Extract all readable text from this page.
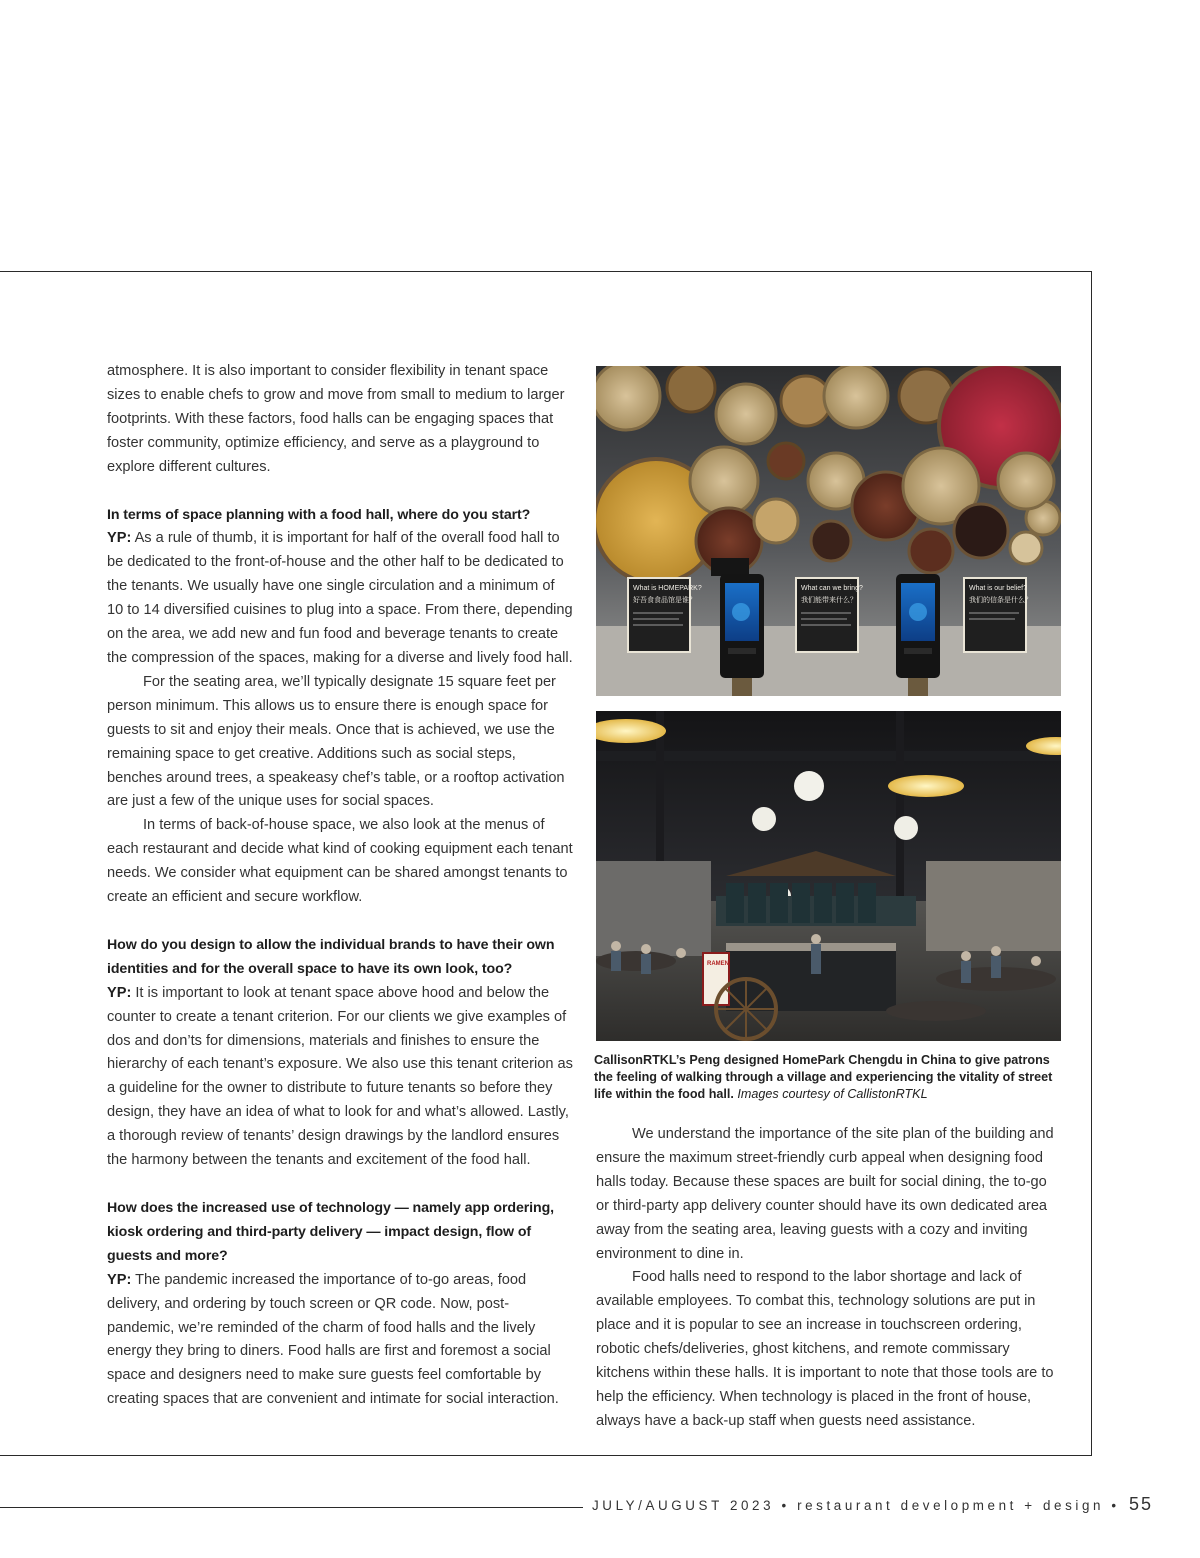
atmosphere. It is also important to consider flexibility in tenant space sizes to enable chefs to grow and move from small to medium to larger footprints. With these factors, food halls can be engaging spaces that foster community, optimize efficiency, and serve as a playground to explore different cultures.

In terms of space planning with a food hall, where do you start?

YP: As a rule of thumb, it is important for half of the overall food hall to be dedicated to the front-of-house and the other half to be dedicated to the tenants. We usually have one single circulation and a minimum of 10 to 14 diversified cuisines to plug into a space. From there, depending on the area, we add new and fun food and beverage tenants to create the compression of the spaces, making for a diverse and lively food hall.

For the seating area, we’ll typically designate 15 square feet per person minimum. This allows us to ensure there is enough space for guests to sit and enjoy their meals. Once that is achieved, we use the remaining space to get creative. Additions such as social steps, benches around trees, a speakeasy chef’s table, or a rooftop activation are just a few of the unique uses for social spaces.

In terms of back-of-house space, we also look at the menus of each restaurant and decide what kind of cooking equipment each tenant needs. We consider what equipment can be shared amongst tenants to create an efficient and secure workflow.

How do you design to allow the individual brands to have their own identities and for the overall space to have its own look, too?

YP: It is important to look at tenant space above hood and below the counter to create a tenant criterion. For our clients we give examples of dos and don’ts for dimensions, materials and finishes to ensure the hierarchy of each tenant’s exposure. We also use this tenant criterion as a guideline for the owner to distribute to future tenants so before they design, they have an idea of what to look for and what’s allowed. Lastly, a thorough review of tenants’ design drawings by the landlord ensures the harmony between the tenants and excitement of the food hall.

How does the increased use of technology — namely app ordering, kiosk ordering and third-party delivery — impact design, flow of guests and more?

YP: The pandemic increased the importance of to-go areas, food delivery, and ordering by touch screen or QR code. Now, post-pandemic, we’re reminded of the charm of food halls and the lively energy they bring to diners. Food halls are first and foremost a social space and designers need to make sure guests feel comfortable by creating spaces that are convenient and intimate for social interaction.

What is HOMEPARK?
好吾食食品馆是谁？
What can we bring?
我们能带来什么？
What is our belief?
我们的信条是什么？
RAMEN
CallisonRTKL’s Peng designed HomePark Chengdu in China to give patrons the feeling of walking through a village and experiencing the vitality of street life within the food hall. Images courtesy of CallistonRTKL

We understand the importance of the site plan of the building and ensure the maximum street-friendly curb appeal when designing food halls today. Because these spaces are built for social dining, the to-go or third-party app delivery counter should have its own dedicated area away from the seating area, leaving guests with a cozy and inviting environment to dine in.

Food halls need to respond to the labor shortage and lack of available employees. To combat this, technology solutions are put in place and it is popular to see an increase in touchscreen ordering, robotic chefs/deliveries, ghost kitchens, and remote commissary kitchens within these halls. It is important to note that those tools are to help the efficiency. When technology is placed in the front of house, always have a back-up staff when guests need assistance.

JULY/AUGUST 2023 • restaurant development + design • 55
